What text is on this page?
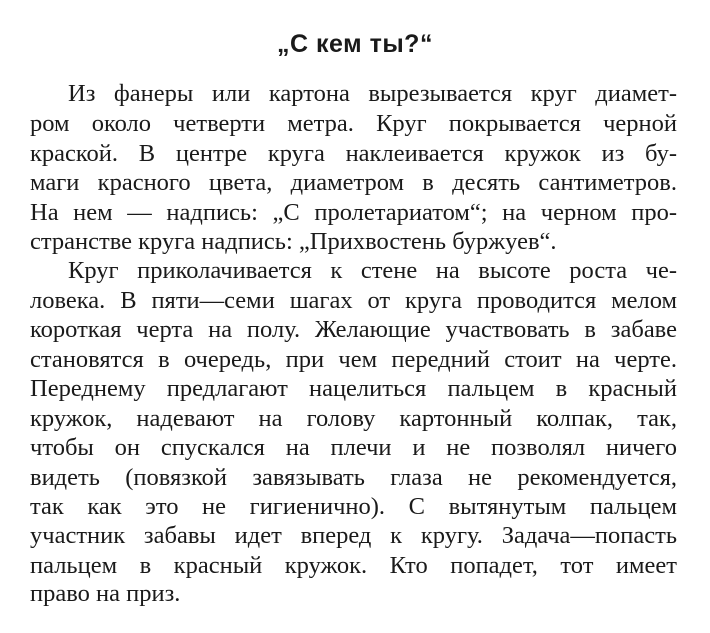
„С кем ты?“
Из фанеры или картона вырезывается круг диамет-
ром около четверти метра. Круг покрывается черной
краской. В центре круга наклеивается кружок из бу-
маги красного цвета, диаметром в десять сантиметров.
На нем — надпись: „С пролетариатом“; на черном про-
странстве круга надпись: „Прихвостень буржуев“.
Круг приколачивается к стене на высоте роста че-
ловека. В пяти—семи шагах от круга проводится мелом
короткая черта на полу. Желающие участвовать в забаве
становятся в очередь, при чем передний стоит на черте.
Переднему предлагают нацелиться пальцем в красный
кружок, надевают на голову картонный колпак, так,
чтобы он спускался на плечи и не позволял ничего
видеть (повязкой завязывать глаза не рекомендуется,
так как это не гигиенично). С вытянутым пальцем
участник забавы идет вперед к кругу. Задача—попасть
пальцем в красный кружок. Кто попадет, тот имеет
право на приз.
